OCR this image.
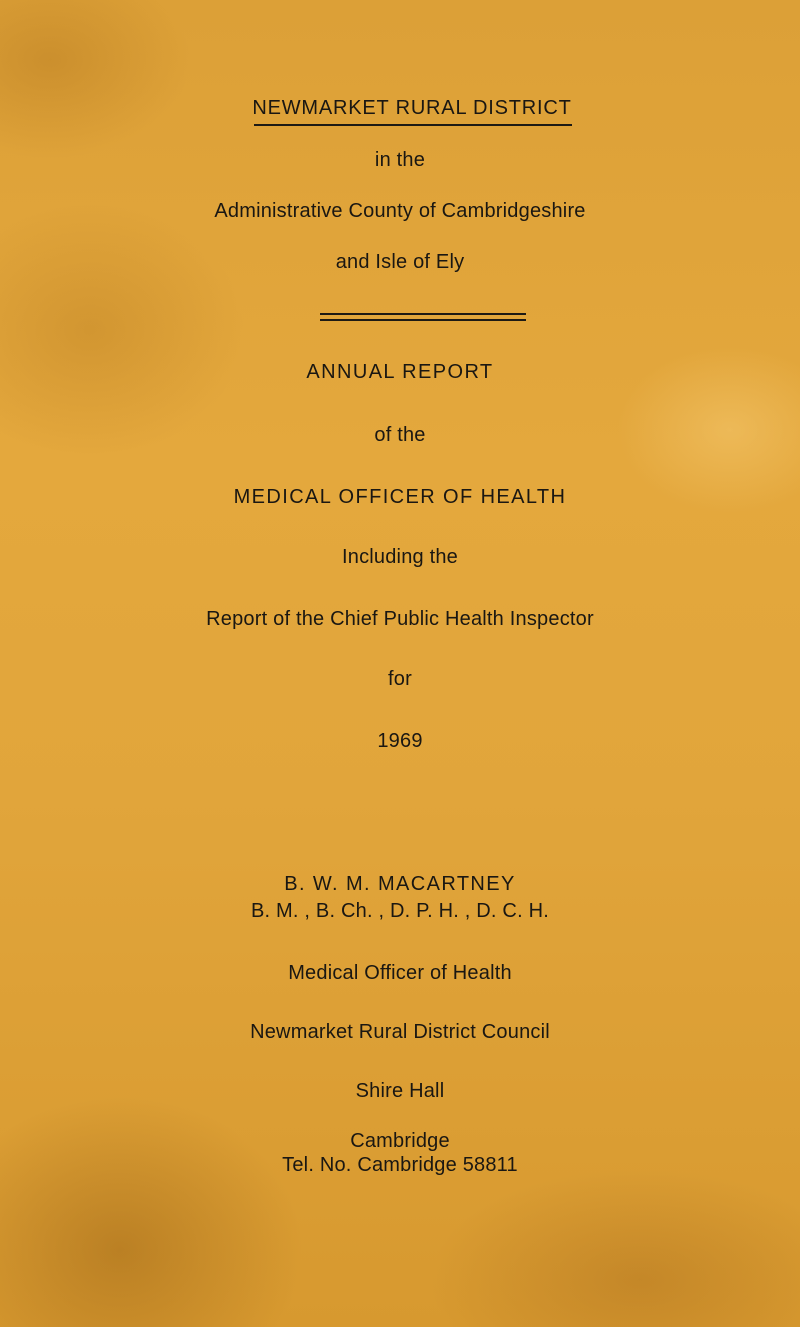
NEWMARKET RURAL DISTRICT
in the
Administrative County of Cambridgeshire
and Isle of Ely
ANNUAL REPORT
of the
MEDICAL OFFICER OF HEALTH
Including the
Report of the Chief Public Health Inspector
for
1969
B. W. M. MACARTNEY
B. M. , B. Ch. , D. P. H. , D. C. H.
Medical Officer of Health
Newmarket Rural District Council
Shire Hall
Cambridge
Tel. No. Cambridge 58811
